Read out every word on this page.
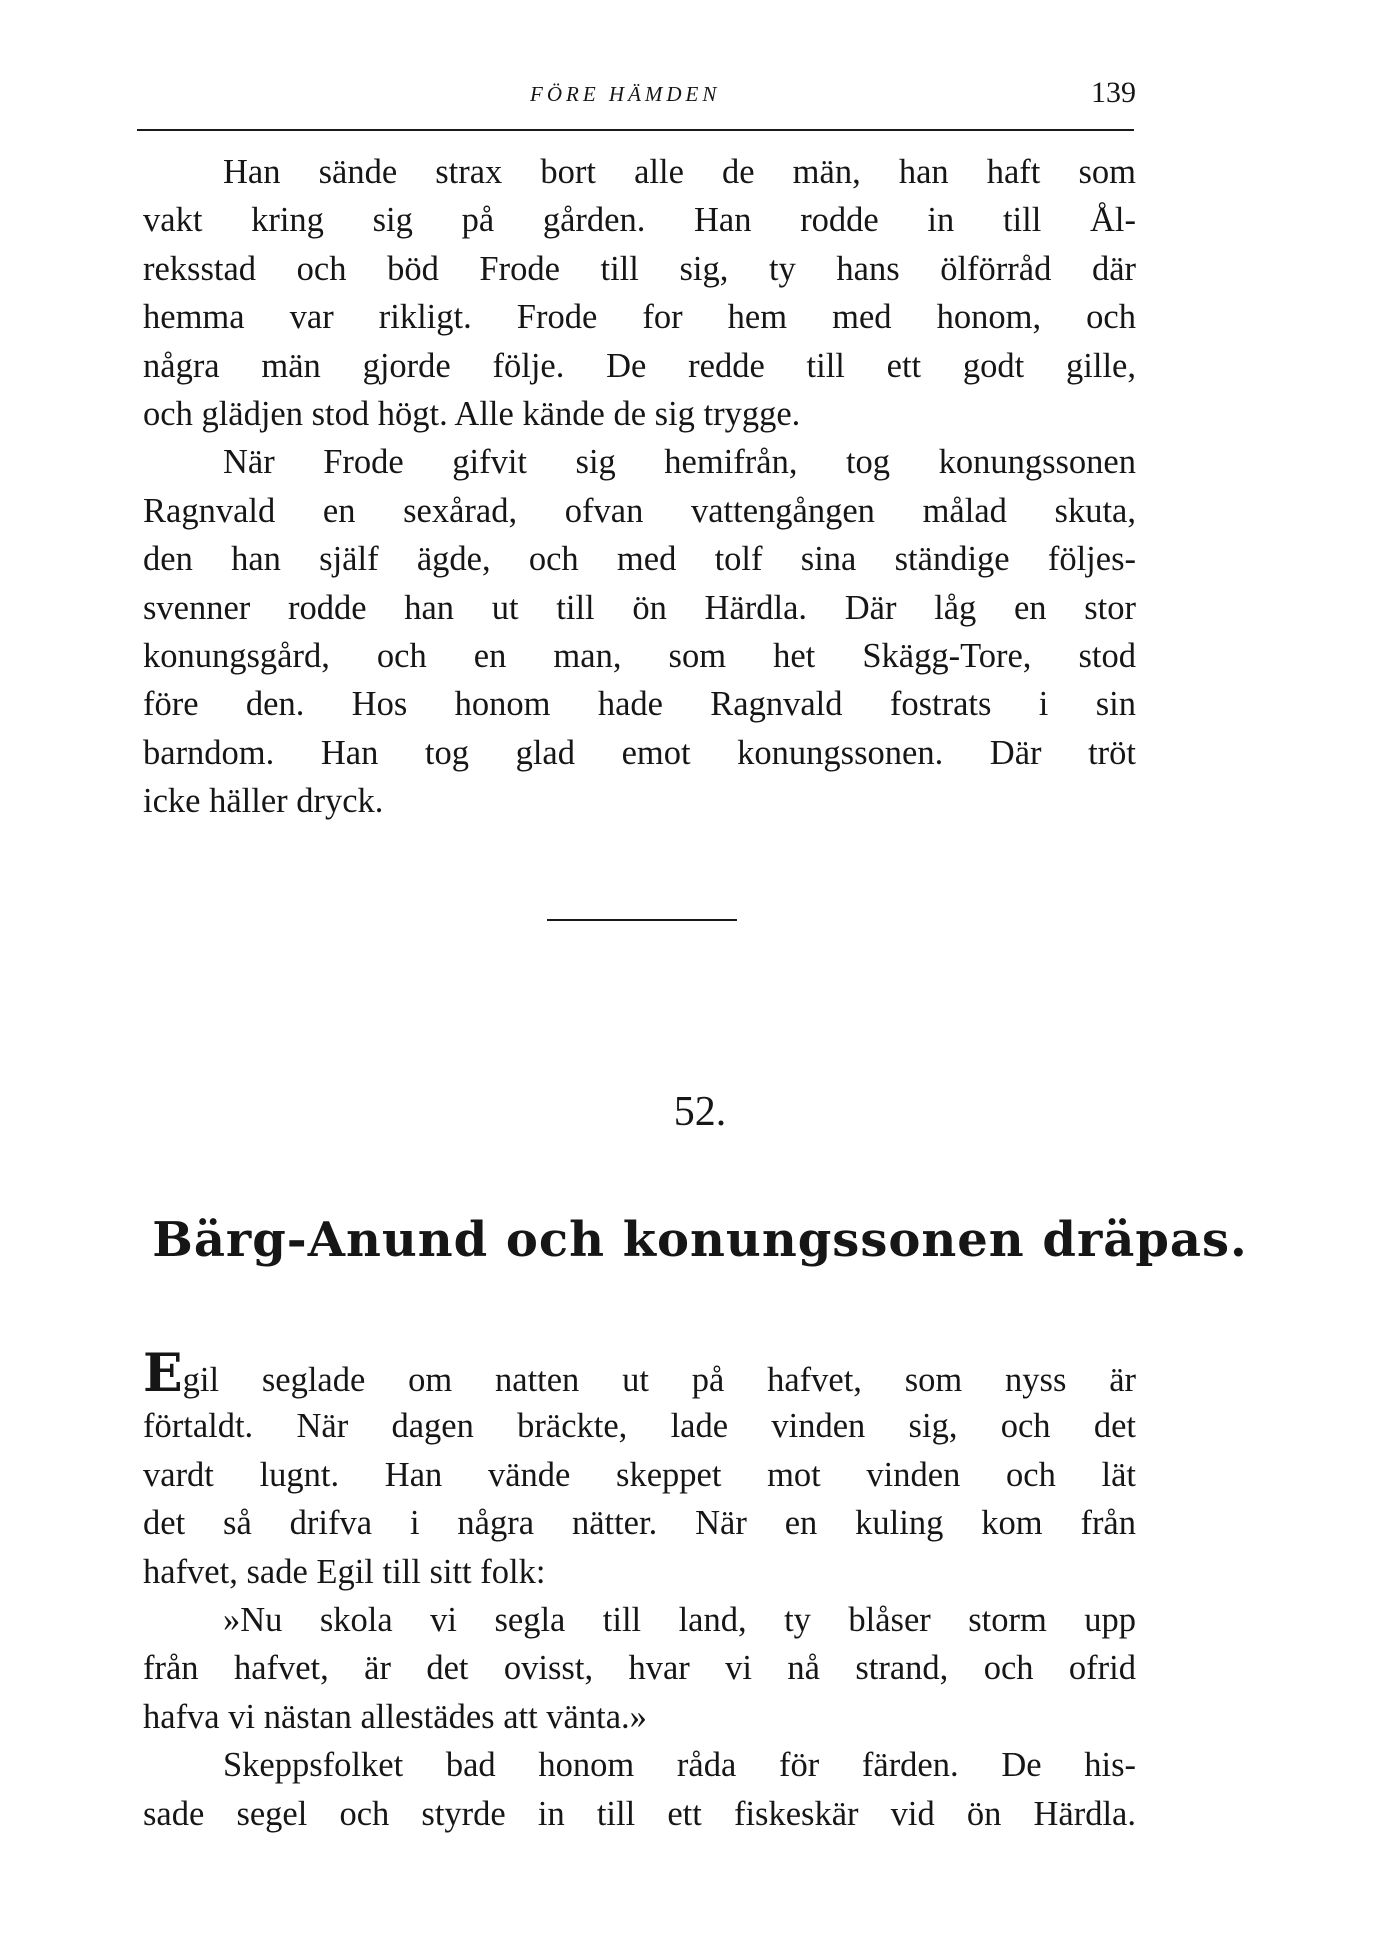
FÖRE HÄMDEN	139
Han sände strax bort alle de män, han haft som
vakt kring sig på gården. Han rodde in till Ål-
reksstad och böd Frode till sig, ty hans ölförråd där
hemma var rikligt. Frode for hem med honom, och
några män gjorde följe. De redde till ett godt gille,
och glädjen stod högt. Alle kände de sig trygge.
När Frode gifvit sig hemifrån, tog konungssonen
Ragnvald en sexårad, ofvan vattengången målad skuta,
den han själf ägde, och med tolf sina ständige följes-
svenner rodde han ut till ön Härdla. Där låg en stor
konungsgård, och en man, som het Skägg-Tore, stod
före den. Hos honom hade Ragnvald fostrats i sin
barndom. Han tog glad emot konungssonen. Där tröt
icke häller dryck.
52.
Bärg-Anund och konungssonen dräpas.
Egil seglade om natten ut på hafvet, som nyss är
förtaldt. När dagen bräckte, lade vinden sig, och det
vardt lugnt. Han vände skeppet mot vinden och lät
det så drifva i några nätter. När en kuling kom från
hafvet, sade Egil till sitt folk:
»Nu skola vi segla till land, ty blåser storm upp
från hafvet, är det ovisst, hvar vi nå strand, och ofrid
hafva vi nästan allestädes att vänta.»
Skeppsfolket bad honom råda för färden. De his-
sade segel och styrde in till ett fiskeskär vid ön Härdla.
